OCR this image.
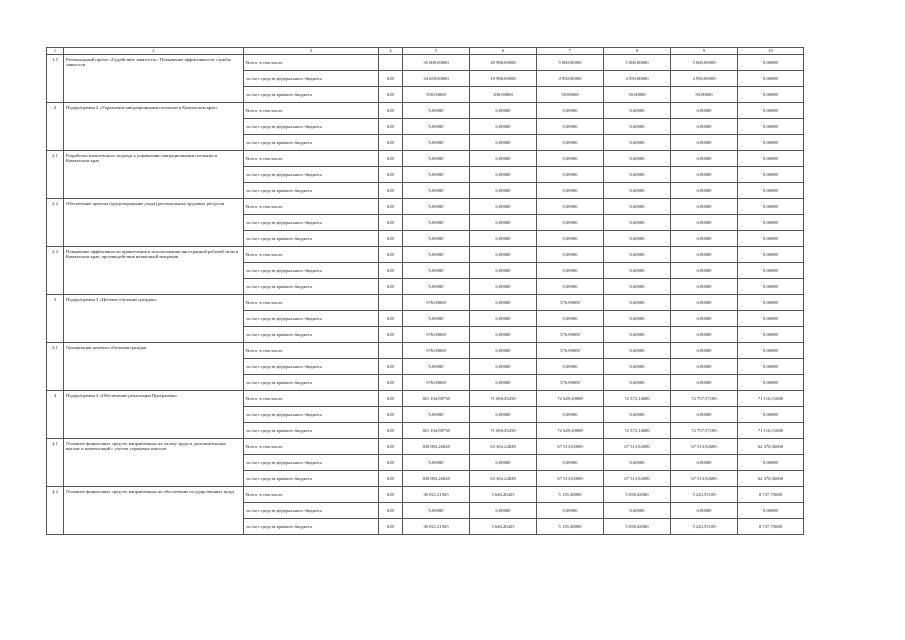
1	2	3	4	5	6	7	8	9	10
1.5	Региональный проект «Содействие занятости». Повышение эффективности службы занятости	Всего, в том числе:		35 000,00000	20 980,00000	5 000,00000	5 000,00000	5 000,00000	0,00000
		за счет средств федерального бюджета	820	34 650,00000	19 980,00000	4 950,00000	4 950,00000	4 950,00000	0,00000
		за счет средств краевого бюджета	820	350,00000	200,00000	50,00000	50,00000	50,00000	0,00000
2	Подпрограмма 2 «Управление миграционными потоками в Камчатском крае»	Всего, в том числе:	820	0,00000	0,00000	0,00000	0,00000	0,00000	0,00000
		за счет средств федерального бюджета	820	0,00000	0,00000	0,00000	0,00000	0,00000	0,00000
		за счет средств краевого бюджета	820	0,00000	0,00000	0,00000	0,00000	0,00000	0,00000
2.1	Разработка комплексного подхода к управлению миграционными потоками в Камчатском крае	Всего, в том числе:	820	0,00000	0,00000	0,00000	0,00000	0,00000	0,00000
		за счет средств федерального бюджета	820	0,00000	0,00000	0,00000	0,00000	0,00000	0,00000
		за счет средств краевого бюджета	820	0,00000	0,00000	0,00000	0,00000	0,00000	0,00000
2.2	Обеспечение притока (предотвращение ухода) региональных трудовых ресурсов	Всего, в том числе:	820	0,00000	0,00000	0,00000	0,00000	0,00000	0,00000
		за счет средств федерального бюджета	820	0,00000	0,00000	0,00000	0,00000	0,00000	0,00000
		за счет средств краевого бюджета	820	0,00000	0,00000	0,00000	0,00000	0,00000	0,00000
2.3	Повышение эффективности привлечения и использования иностранной рабочей силы в Камчатском крае, противодействие незаконной миграции	Всего, в том числе:	820	0,00000	0,00000	0,00000	0,00000	0,00000	0,00000
		за счет средств федерального бюджета	820	0,00000	0,00000	0,00000	0,00000	0,00000	0,00000
		за счет средств краевого бюджета	820	0,00000	0,00000	0,00000	0,00000	0,00000	0,00000
3	Подпрограмма 3 «Целевое обучение граждан»	Всего, в том числе:		576,00000	0,00000	576,00000	0,00000	0,00000	0,00000
		за счет средств федерального бюджета	820	0,00000	0,00000	0,00000	0,00000	0,00000	0,00000
		за счет средств краевого бюджета	820	576,00000	0,00000	576,00000	0,00000	0,00000	0,00000
3.1	Организация целевого обучения граждан	Всего, в том числе:		576,00000	0,00000	576,00000	0,00000	0,00000	0,00000
		за счет средств федерального бюджета	820	0,00000	0,00000	0,00000	0,00000	0,00000	0,00000
		за счет средств краевого бюджета	820	576,00000	0,00000	576,00000	0,00000	0,00000	0,00000
4	Подпрограмма 4 «Обеспечение реализации Программы»	Всего, в том числе:	820	361 104,98758	71 069,45250	72 649,30080	72 572,14080	72 757,57100	71 116,51680
		за счет средств федерального бюджета	820	0,00000	0,00000	0,00000	0,00000	0,00000	0,00000
		за счет средств краевого бюджета	820	361 104,98758	71 069,45250	72 649,30080	72 572,14080	72 757,57100	71 116,51680
4.1	Основное финансовых средств, направленных на оплату труда и дополнительных выплат и компенсаций с учетом страховых взносов	Всего, в том числе:	820	300 083,26828	63 363,24828	67 513,92000	67 513,92000	67 513,92000	62 378,36000
		за счет средств федерального бюджета	820	0,00000	0,00000	0,00000	0,00000	0,00000	0,00000
		за счет средств краевого бюджета	820	300 083,26828	63 363,24828	67 513,92000	67 513,92000	67 513,92000	62 378,36000
4.2	Основное финансовых средств, направленных на обеспечение государственных нужд	Всего, в том числе:	820	30 021,21925	5 646,20425	5 135,38080	5 058,42080	5 243,55100	8 737,75680
		за счет средств федерального бюджета	820	0,00000	0,00000	0,00000	0,00000	0,00000	0,00000
		за счет средств краевого бюджета	820	30 021,21925	5 646,20425	5 135,38080	5 058,42080	5 243,55100	8 737,75680
